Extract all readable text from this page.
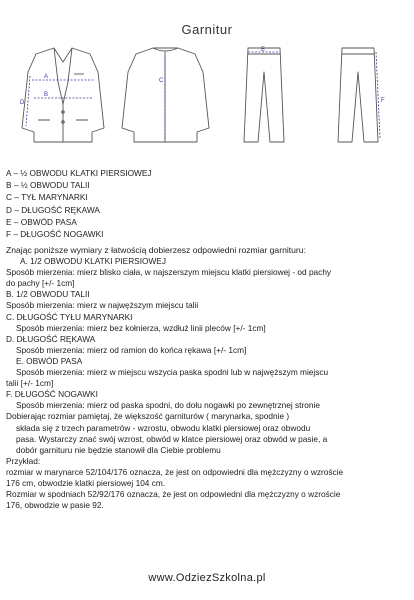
Garnitur
A
B
C
D
E
F
A – ½ OBWODU KLATKI PIERSIOWEJ
B – ½ OBWODU TALII
C – TYŁ MARYNARKI
D – DŁUGOŚĆ RĘKAWA
E – OBWÓD PASA
F – DŁUGOŚĆ NOGAWKI
Znając poniższe wymiary z łatwością dobierzesz odpowiedni rozmiar garnituru:
A. 1/2 OBWODU KLATKI PIERSIOWEJ
Sposób mierzenia: mierz blisko ciała, w najszerszym miejscu klatki piersiowej - od pachy
do pachy [+/- 1cm]
B. 1/2 OBWODU TALII
Sposób mierzenia: mierz w najwęższym miejscu talii
C. DŁUGOŚĆ TYŁU MARYNARKI
Sposób mierzenia: mierz bez kołnierza, wzdłuż linii pleców [+/- 1cm]
D. DŁUGOŚĆ RĘKAWA
Sposób mierzenia: mierz od ramion do końca rękawa [+/- 1cm]
E. OBWÓD PASA
Sposób mierzenia: mierz w miejscu wszycia paska spodni lub w najwęższym miejscu
talii [+/- 1cm]
F. DŁUGOŚĆ NOGAWKI
Sposób mierzenia: mierz od paska spodni, do dołu nogawki po zewnętrznej stronie
Dobierając rozmiar pamiętaj, że większość garniturów ( marynarka, spodnie )
składa się z trzech parametrów - wzrostu, obwodu klatki piersiowej oraz obwodu
pasa. Wystarczy znać swój wzrost, obwód w klatce piersiowej oraz obwód w pasie, a
dobór garnituru nie będzie stanowił dla Ciebie problemu
Przykład:
rozmiar w marynarce 52/104/176 oznacza, że jest on odpowiedni dla mężczyzny o wzroście
176 cm, obwodzie klatki piersiowej 104 cm.
Rozmiar w spodniach 52/92/176 oznacza, że jest on odpowiedni dla mężczyzny o wzroście
176, obwodzie w pasie 92.
www.OdziezSzkolna.pl
